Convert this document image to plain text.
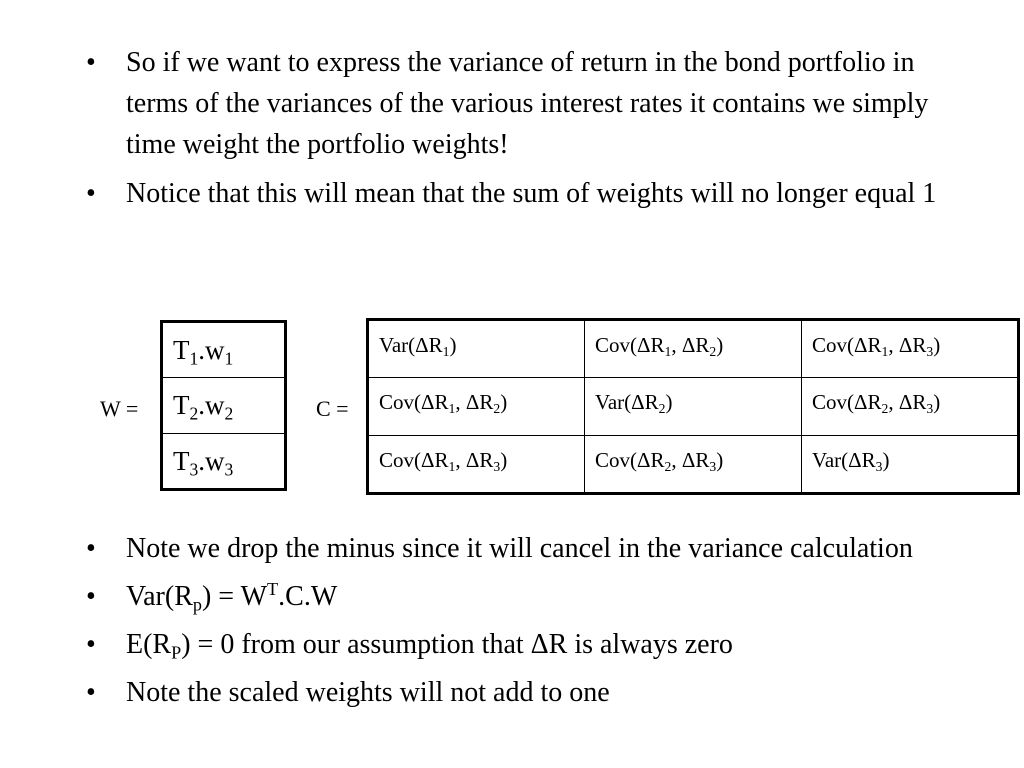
• So if we want to express the variance of return in the bond portfolio in terms of the variances of the various interest rates it contains we simply time weight the portfolio weights!
• Notice that this will mean that the sum of weights will no longer equal 1
W =
$T_1.w_1$
$T_2.w_2$
$T_3.w_3$
C =
$Var(\Delta R_1)$	$Cov(\Delta R_1$, $\Delta R_2$)	$Cov(\Delta R_1$, $\Delta R_3$)
$Cov(\Delta R_1$, $\Delta R_2$)	$Var(\Delta R_2)$	$Cov(\Delta R_2$, $\Delta R_3$)
$Cov(\Delta R_1$, $\Delta R_3$)	$Cov(\Delta R_2$, $\Delta R_3$)	$Var(\Delta R_3)$
• Note we drop the minus since it will cancel in the variance calculation
• $Var(R_p) = W^T.C.W$
• $E(R_P) = 0$ from our assumption that ΔR is always zero
• Note the scaled weights will not add to one
